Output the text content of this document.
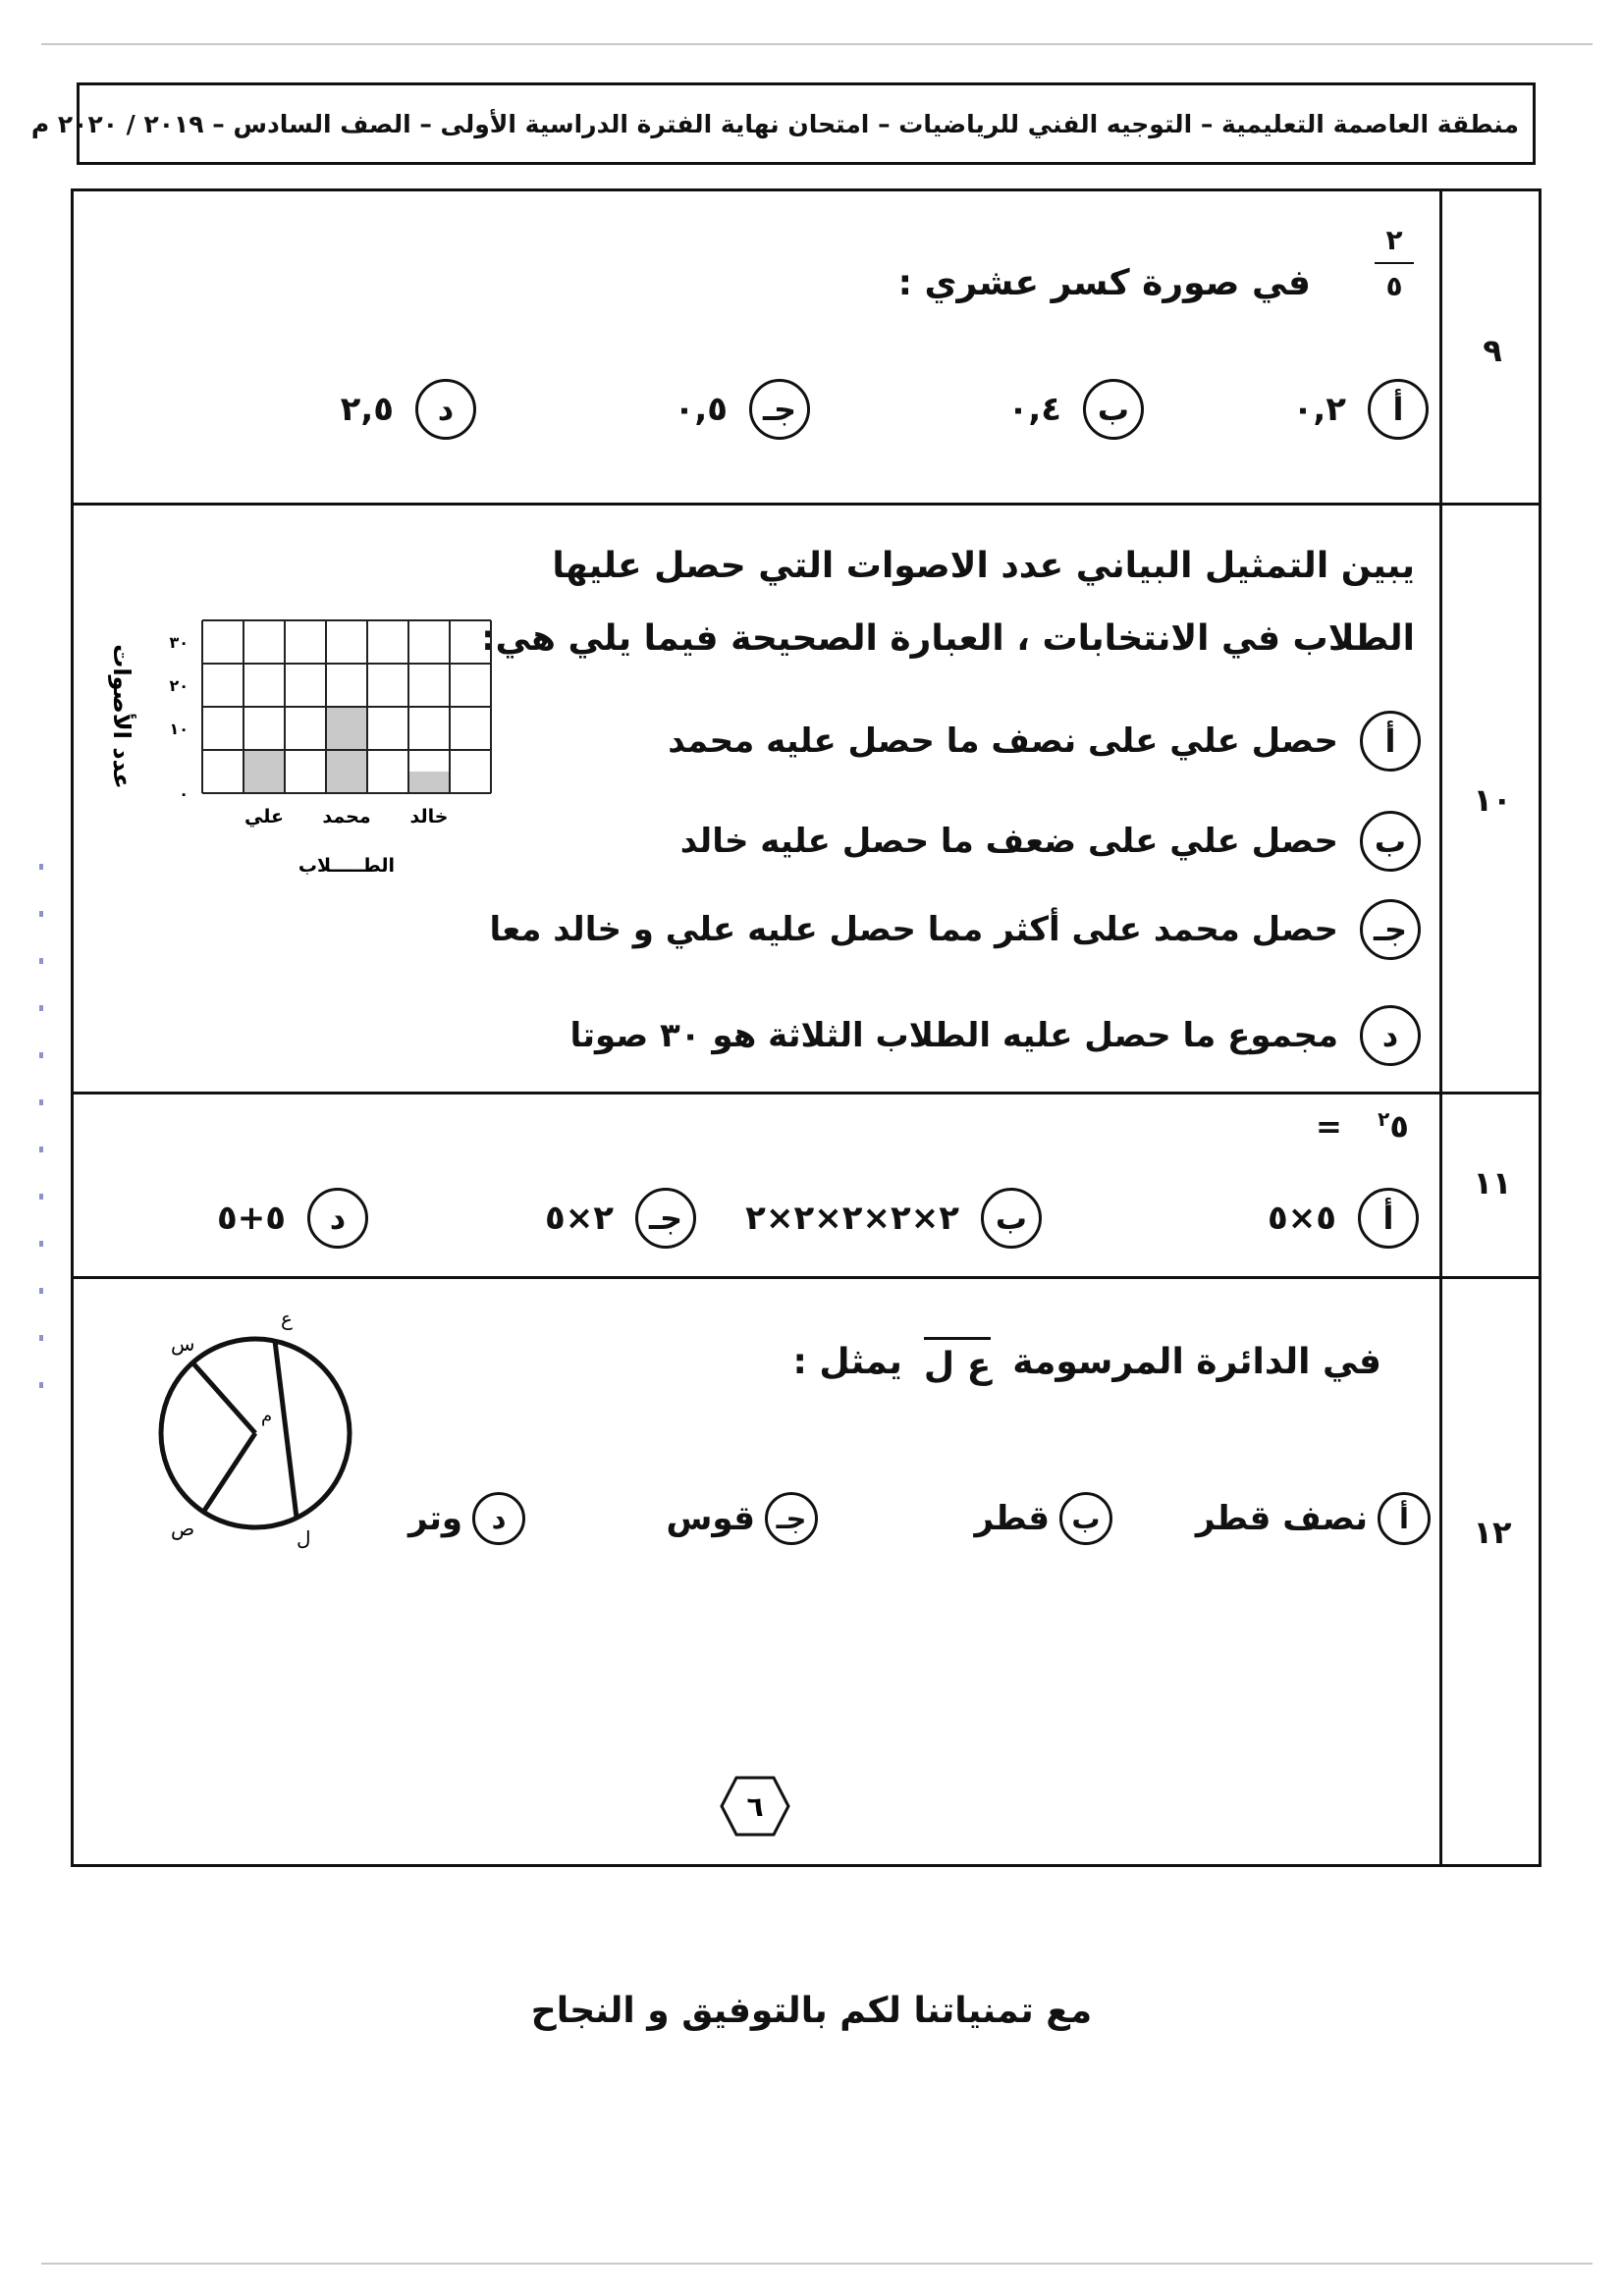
منطقة العاصمة التعليمية – التوجيه الفني للرياضيات – امتحان نهاية الفترة الدراسية الأولى – الصف السادس – ٢٠١٩ / ٢٠٢٠ م
٩
٢
٥
في صورة كسر عشري :
أ
٠,٢
ب
٠,٤
جـ
٠,٥
د
٢,٥
١٠
يبين التمثيل البياني عدد الاصوات التي حصل عليها
الطلاب في الانتخابات ، العبارة الصحيحة فيما يلي هي:
أ
حصل علي على نصف ما حصل عليه محمد
ب
حصل علي على ضعف ما حصل عليه خالد
جـ
حصل محمد على أكثر مما حصل عليه علي و خالد معا
د
مجموع ما حصل عليه الطلاب الثلاثة هو ٣٠ صوتا
٣٠
٢٠
١٠
٠
علي محمد خالد
الطـــــلاب
عدد الأصوات
١١
= $^٢$٥
أ
٥×٥
ب
٢×٢×٢×٢×٢
جـ
٢×٥
د
٥+٥
١٢
في الدائرة المرسومة
ع ل
يمثل :
أ
نصف قطر
ب
قطر
جـ
قوس
د
وتر
س
ع
م
ل
ص
٦
مع تمنياتنا لكم بالتوفيق و النجاح
